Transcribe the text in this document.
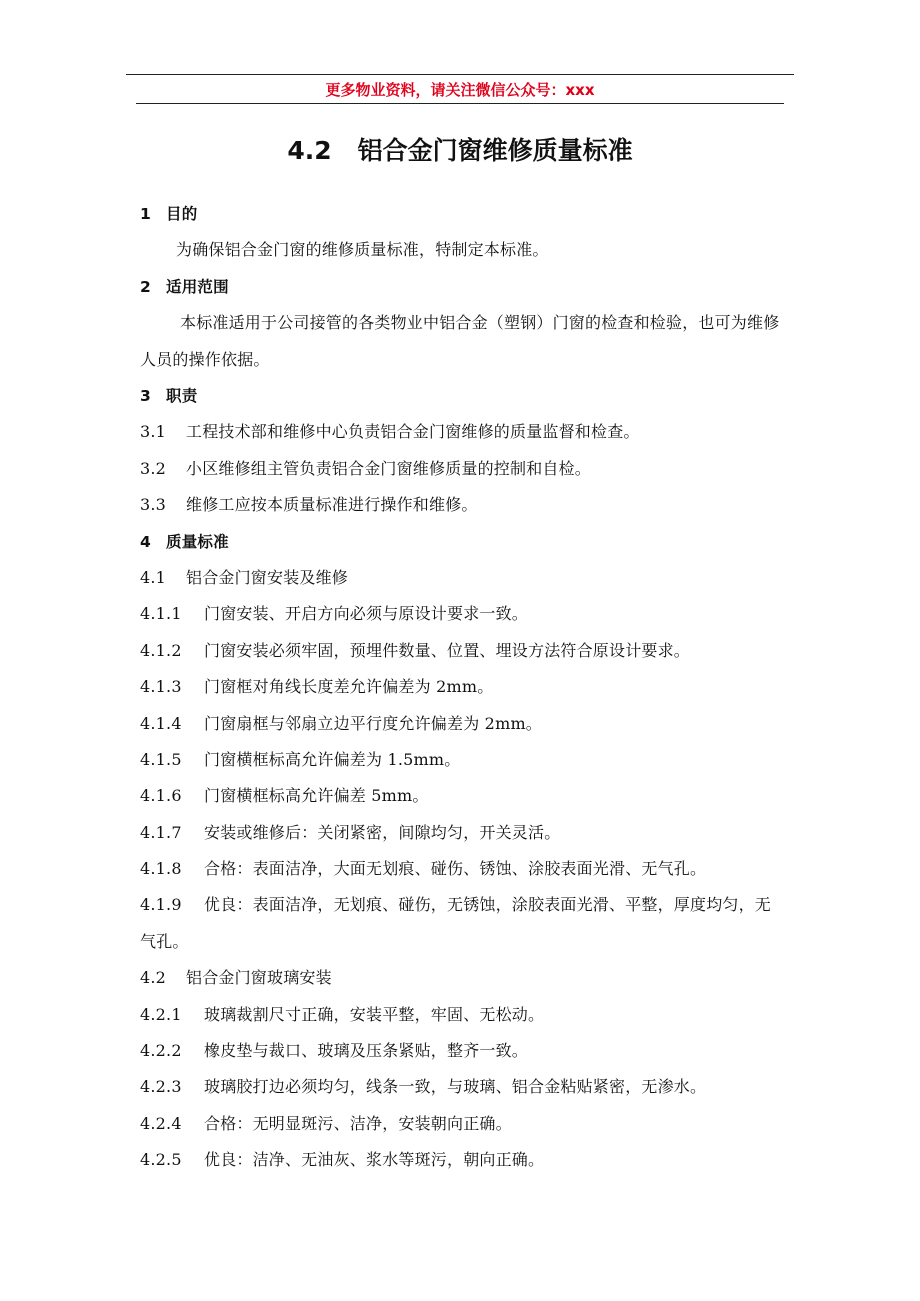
更多物业资料，请关注微信公众号：xxx
4.2 铝合金门窗维修质量标准
1 目的
为确保铝合金门窗的维修质量标准，特制定本标准。
2 适用范围
本标准适用于公司接管的各类物业中铝合金（塑钢）门窗的检查和检验，也可为维修人员的操作依据。
3 职责
3.1 工程技术部和维修中心负责铝合金门窗维修的质量监督和检查。
3.2 小区维修组主管负责铝合金门窗维修质量的控制和自检。
3.3 维修工应按本质量标准进行操作和维修。
4 质量标准
4.1 铝合金门窗安装及维修
4.1.1 门窗安装、开启方向必须与原设计要求一致。
4.1.2 门窗安装必须牢固，预埋件数量、位置、埋设方法符合原设计要求。
4.1.3 门窗框对角线长度差允许偏差为 2mm。
4.1.4 门窗扇框与邻扇立边平行度允许偏差为 2mm。
4.1.5 门窗横框标高允许偏差为 1.5mm。
4.1.6 门窗横框标高允许偏差 5mm。
4.1.7 安装或维修后：关闭紧密，间隙均匀，开关灵活。
4.1.8 合格：表面洁净，大面无划痕、碰伤、锈蚀、涂胶表面光滑、无气孔。
4.1.9 优良：表面洁净，无划痕、碰伤，无锈蚀，涂胶表面光滑、平整，厚度均匀，无气孔。
4.2 铝合金门窗玻璃安装
4.2.1 玻璃裁割尺寸正确，安装平整，牢固、无松动。
4.2.2 橡皮垫与裁口、玻璃及压条紧贴，整齐一致。
4.2.3 玻璃胶打边必须均匀，线条一致，与玻璃、铝合金粘贴紧密，无渗水。
4.2.4 合格：无明显斑污、洁净，安装朝向正确。
4.2.5 优良：洁净、无油灰、浆水等斑污，朝向正确。
